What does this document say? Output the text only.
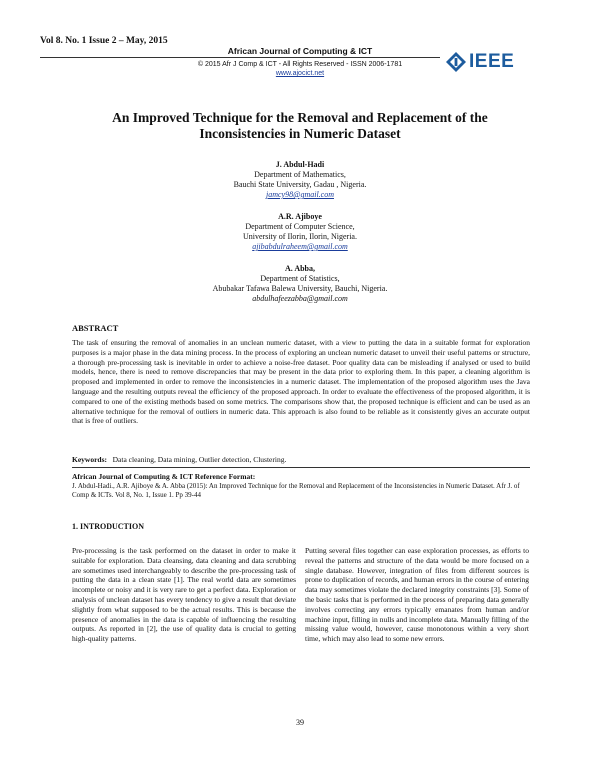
Vol 8. No. 1 Issue 2 – May, 2015
African Journal of Computing & ICT
© 2015 Afr J Comp & ICT - All Rights Reserved - ISSN 2006-1781
www.ajocict.net
IEEE
An Improved Technique for the Removal and Replacement of the Inconsistencies in Numeric Dataset
J. Abdul-Hadi
Department of Mathematics,
Bauchi State University, Gadau , Nigeria.
jamcy98@gmail.com
A.R. Ajiboye
Department of Computer Science,
University of Ilorin, Ilorin, Nigeria.
ajibabdulraheem@gmail.com
A. Abba,
Department of Statistics,
Abubakar Tafawa Balewa University, Bauchi, Nigeria.
abdulhafeezabba@gmail.com
ABSTRACT
The task of ensuring the removal of anomalies in an unclean numeric dataset, with a view to putting the data in a suitable format for exploration purposes is a major phase in the data mining process. In the process of exploring an unclean numeric dataset to unveil their useful patterns or structure, a thorough pre-processing task is inevitable in order to achieve a noise-free dataset. Poor quality data can be misleading if analysed or used to build models, hence, there is need to remove discrepancies that may be present in the data prior to exploring them. In this paper, a cleaning algorithm is proposed and implemented in order to remove the inconsistencies in a numeric dataset. The implementation of the proposed algorithm uses the Java language and the resulting outputs reveal the efficiency of the proposed approach. In order to evaluate the effectiveness of the proposed algorithm, it is compared to one of the existing methods based on some metrics. The comparisons show that, the proposed technique is efficient and can be used as an alternative technique for the removal of outliers in numeric data. This approach is also found to be reliable as it consistently gives an accurate output that is free of outliers.
Keywords: Data cleaning, Data mining, Outlier detection, Clustering.
African Journal of Computing & ICT Reference Format:
J. Abdul-Hadi., A.R. Ajiboye & A. Abba (2015): An Improved Technique for the Removal and Replacement of the Inconsistencies in Numeric Dataset. Afr J. of Comp & ICTs. Vol 8, No. 1, Issue 1. Pp 39-44
1. INTRODUCTION
Pre-processing is the task performed on the dataset in order to make it suitable for exploration. Data cleansing, data cleaning and data scrubbing are sometimes used interchangeably to describe the pre-processing task of putting the data in a clean state [1]. The real world data are sometimes incomplete or noisy and it is very rare to get a perfect data. Exploration or analysis of unclean dataset has every tendency to give a result that deviate slightly from what supposed to be the actual results. This is because the presence of anomalies in the data is capable of influencing the resulting outputs. As reported in [2], the use of quality data is crucial to getting high-quality patterns.
Putting several files together can ease exploration processes, as efforts to reveal the patterns and structure of the data would be more focused on a single database. However, integration of files from different sources is prone to duplication of records, and human errors in the course of entering data may sometimes violate the declared integrity constraints [3]. Some of the basic tasks that is performed in the process of preparing data generally involves correcting any errors typically emanates from human and/or machine input, filling in nulls and incomplete data. Manually filling of the missing value would, however, cause monotonous within a very short time, which may also lead to some new errors.
39
